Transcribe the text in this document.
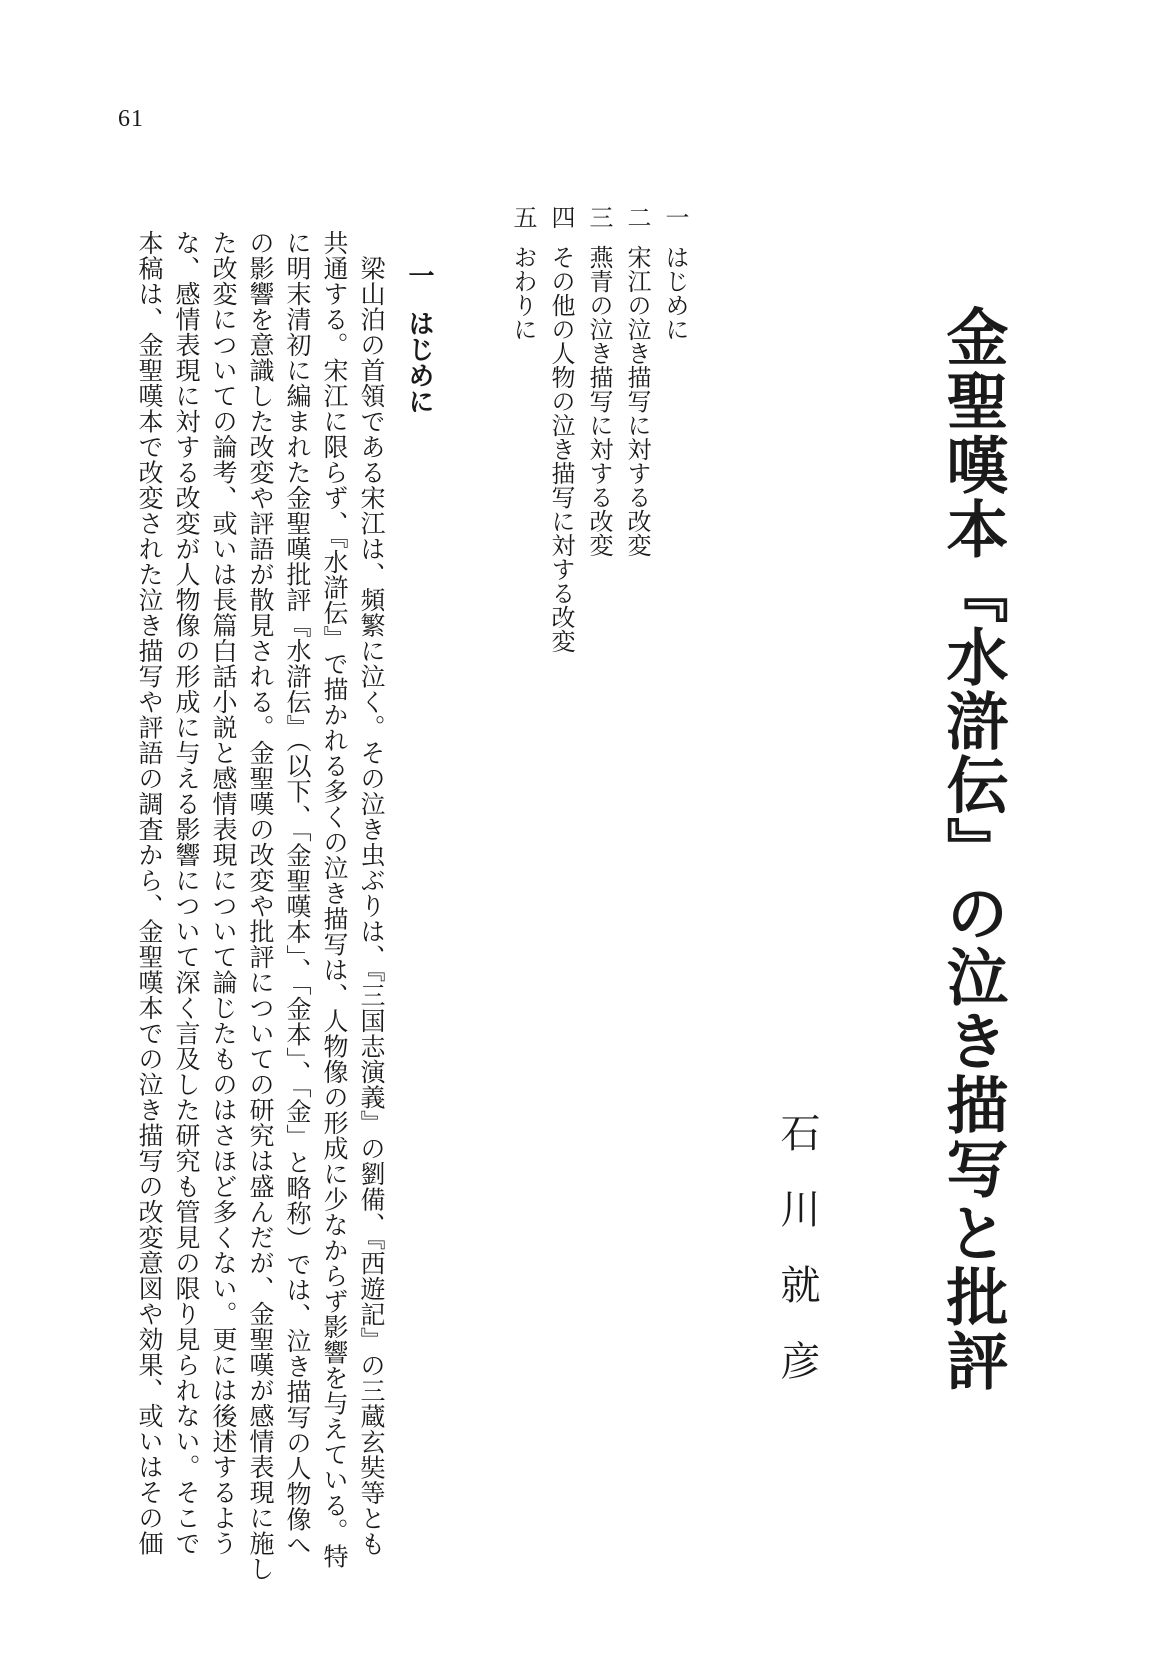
61
金聖嘆本『水滸伝』の泣き描写と批評
石川就彦
一はじめに
二宋江の泣き描写に対する改変
三燕青の泣き描写に対する改変
四その他の人物の泣き描写に対する改変
五おわりに
一はじめに
　梁山泊の首領である宋江は、頻繁に泣く。その泣き虫ぶりは、『三国志演義』の劉備、『西遊記』の三蔵玄奘等とも
共通する。宋江に限らず、『水滸伝』で描かれる多くの泣き描写は、人物像の形成に少なからず影響を与えている。特
に明末清初に編まれた金聖嘆批評『水滸伝』（以下、「金聖嘆本」、「金本」、「金」と略称）では、泣き描写の人物像へ
の影響を意識した改変や評語が散見される。金聖嘆の改変や批評についての研究は盛んだが、金聖嘆が感情表現に施し
た改変についての論考、或いは長篇白話小説と感情表現について論じたものはさほど多くない。更には後述するよう
な、感情表現に対する改変が人物像の形成に与える影響について深く言及した研究も管見の限り見られない。そこで
本稿は、金聖嘆本で改変された泣き描写や評語の調査から、金聖嘆本での泣き描写の改変意図や効果、或いはその価
